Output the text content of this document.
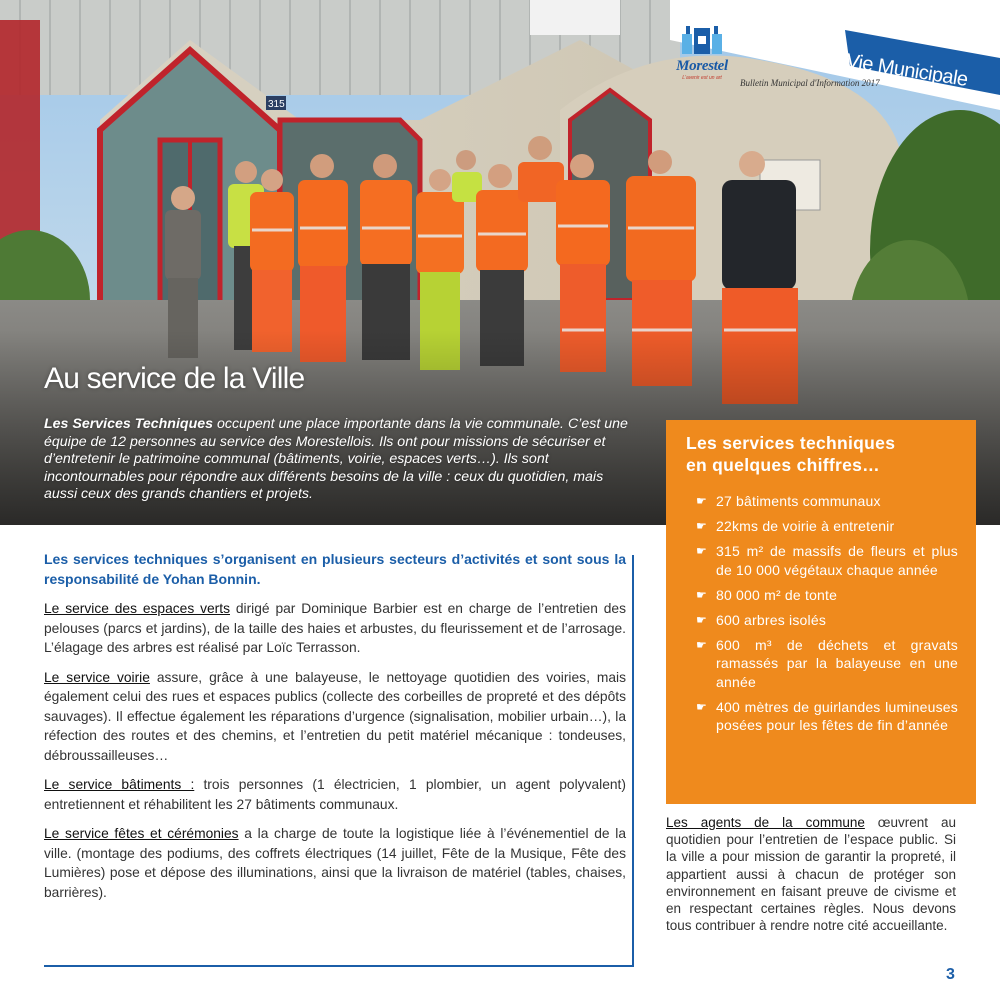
315
Morestel
L'avenir est un art	Bulletin Municipal d'Information 2017
Vie Municipale
Au service de la Ville
Les Services Techniques occupent une place importante dans la vie communale. C’est une équipe de 12 personnes au service des Morestellois. Ils ont pour missions de sécuriser et d’entretenir le patrimoine communal (bâtiments, voirie, espaces verts…). Ils sont incontournables pour répondre aux différents besoins de la ville : ceux du quotidien, mais aussi ceux des grands chantiers et projets.
Les services techniques
en quelques chiffres…
☛ 27 bâtiments communaux
☛ 22kms de voirie à entretenir
☛ 315 m² de massifs de fleurs et plus de 10 000 végétaux chaque année
☛ 80 000 m² de tonte
☛ 600 arbres isolés
☛ 600 m³ de déchets et gravats ramassés par la balayeuse en une année
☛ 400 mètres de guirlandes lumineuses posées pour les fêtes de fin d’année

Les services techniques s’organisent en plusieurs secteurs d’activités et sont sous la responsabilité de Yohan Bonnin.

Le service des espaces verts dirigé par Dominique Barbier est en charge de l’entretien des pelouses (parcs et jardins), de la taille des haies et arbustes, du fleurissement et de l’arrosage. L’élagage des arbres est réalisé par Loïc Terrasson.

Le service voirie assure, grâce à une balayeuse, le nettoyage quotidien des voiries, mais également celui des rues et espaces publics (collecte des corbeilles de propreté et des dépôts sauvages). Il effectue également les réparations d’urgence (signalisation, mobilier urbain…), la réfection des routes et des chemins, et l’entretien du petit matériel mécanique : tondeuses, débroussailleuses…

Le service bâtiments : trois personnes (1 électricien, 1 plombier, un agent polyvalent) entretiennent et réhabilitent les 27 bâtiments communaux.

Le service fêtes et cérémonies a la charge de toute la logistique liée à l’événementiel de la ville. (montage des podiums, des coffrets électriques (14 juillet, Fête de la Musique, Fête des Lumières) pose et dépose des illuminations, ainsi que la livraison de matériel (tables, chaises, barrières).

Les agents de la commune œuvrent au quotidien pour l’entretien de l’espace public. Si la ville a pour mission de garantir la propreté, il appartient aussi à chacun de protéger son environnement en faisant preuve de civisme et en respectant certaines règles. Nous devons tous contribuer à rendre notre cité accueillante.
3
